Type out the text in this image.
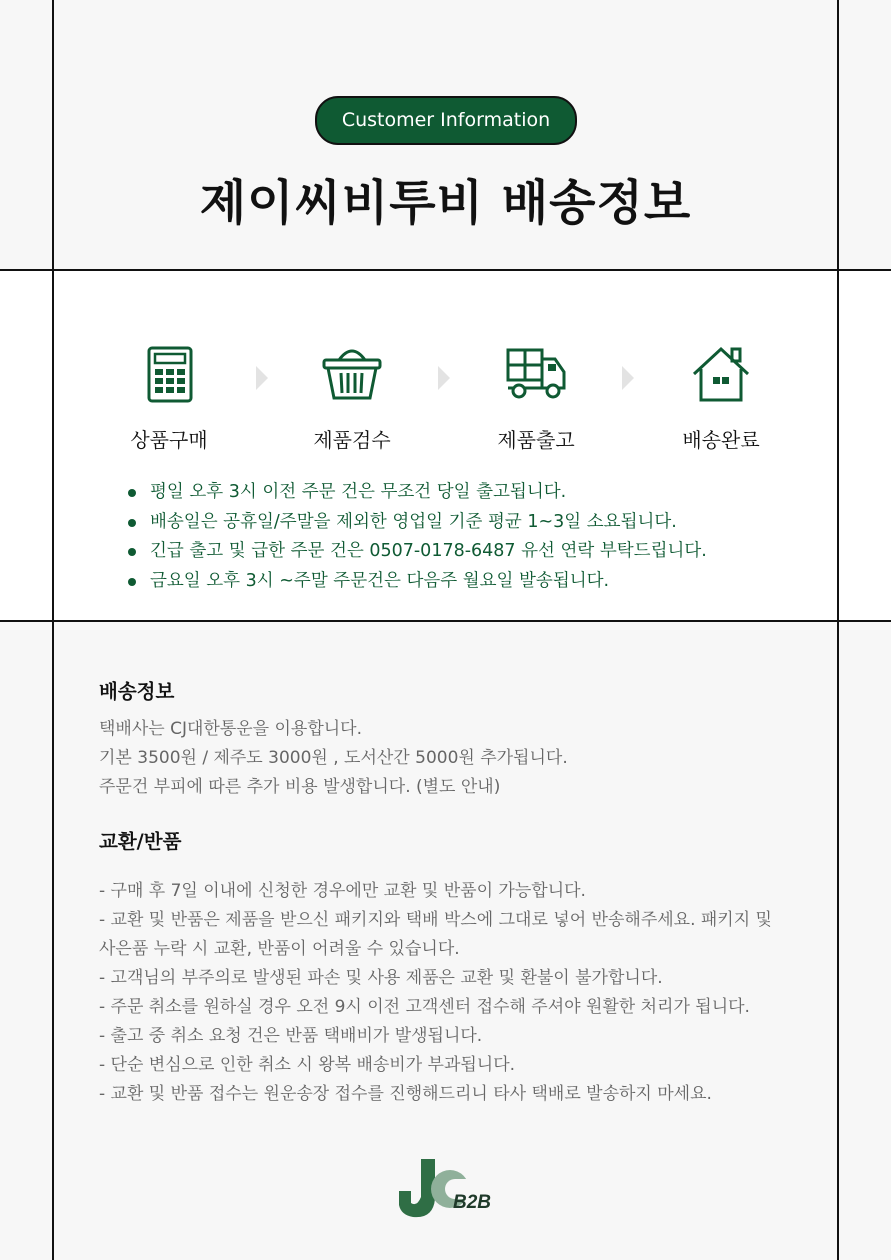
Customer Information
제이씨비투비 배송정보
상품구매	제품검수	제품출고	배송완료
평일 오후 3시 이전 주문 건은 무조건 당일 출고됩니다.
배송일은 공휴일/주말을 제외한 영업일 기준 평균 1~3일 소요됩니다.
긴급 출고 및 급한 주문 건은 0507-0178-6487 유선 연락 부탁드립니다.
금요일 오후 3시 ~주말 주문건은 다음주 월요일 발송됩니다.
배송정보
택배사는 CJ대한통운을 이용합니다.
기본 3500원 / 제주도 3000원 , 도서산간 5000원 추가됩니다.
주문건 부피에 따른 추가 비용 발생합니다. (별도 안내)
교환/반품
- 구매 후 7일 이내에 신청한 경우에만 교환 및 반품이 가능합니다.
- 교환 및 반품은 제품을 받으신 패키지와 택배 박스에 그대로 넣어 반송해주세요. 패키지 및
사은품 누락 시 교환, 반품이 어려울 수 있습니다.
- 고객님의 부주의로 발생된 파손 및 사용 제품은 교환 및 환불이 불가합니다.
- 주문 취소를 원하실 경우 오전 9시 이전 고객센터 접수해 주셔야 원활한 처리가 됩니다.
- 출고 중 취소 요청 건은 반품 택배비가 발생됩니다.
- 단순 변심으로 인한 취소 시 왕복 배송비가 부과됩니다.
- 교환 및 반품 접수는 원운송장 접수를 진행해드리니 타사 택배로 발송하지 마세요.
B2B
